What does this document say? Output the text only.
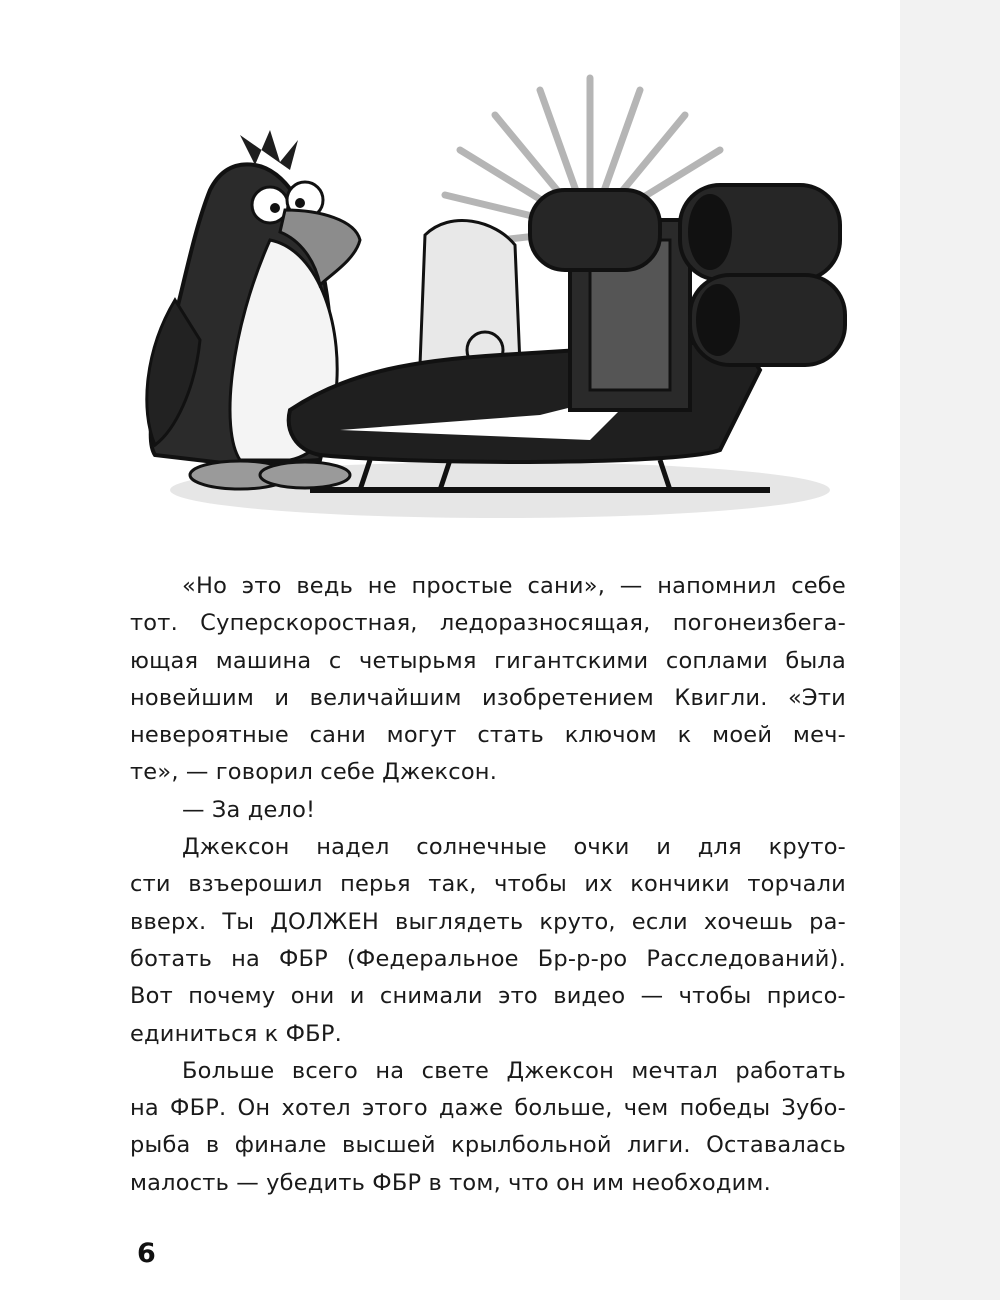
«Но это ведь не простые сани», — напомнил себе
тот. Суперскоростная, ледоразносящая, погонеизбега-
ющая машина с четырьмя гигантскими соплами была
новейшим и величайшим изобретением Квигли. «Эти
невероятные сани могут стать ключом к моей меч-
те», — говорил себе Джексон.
— За дело!
Джексон надел солнечные очки и для круто-
сти взъерошил перья так, чтобы их кончики торчали
вверх. Ты ДОЛЖЕН выглядеть круто, если хочешь ра-
ботать на ФБР (Федеральное Бр-р-ро Расследований).
Вот почему они и снимали это видео — чтобы присо-
единиться к ФБР.
Больше всего на свете Джексон мечтал работать
на ФБР. Он хотел этого даже больше, чем победы Зубо-
рыба в финале высшей крылбольной лиги. Оставалась
малость — убедить ФБР в том, что он им необходим.
6
